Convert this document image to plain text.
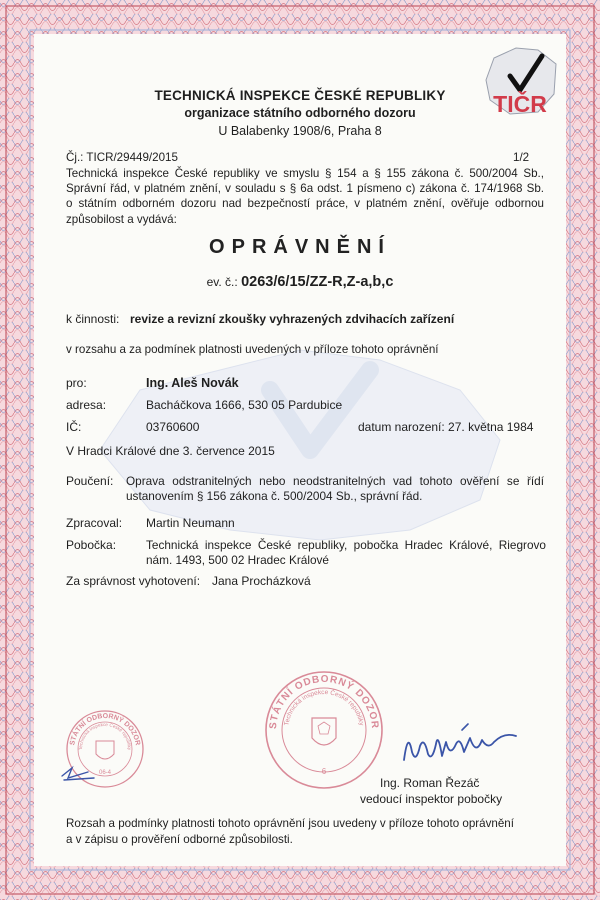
TIČR
TECHNICKÁ INSPEKCE ČESKÉ REPUBLIKY
organizace státního odborného dozoru
U Balabenky 1908/6, Praha 8
Čj.: TICR/29449/2015	1/2
Technická inspekce České republiky ve smyslu § 154 a § 155 zákona č. 500/2004 Sb.,
Správní řád, v platném znění, v souladu s § 6a odst. 1 písmeno c) zákona č. 174/1968 Sb.
o státním odborném dozoru nad bezpečností práce, v platném znění, ověřuje odbornou
způsobilost a vydává:
OPRÁVNĚNÍ
ev. č.: 0263/6/15/ZZ-R,Z-a,b,c
k činnosti: revize a revizní zkoušky vyhrazených zdvihacích zařízení
v rozsahu a za podmínek platnosti uvedených v příloze tohoto oprávnění
pro:	Ing. Aleš Novák
adresa:	Bacháčkova 1666, 530 05 Pardubice
IČ:	03760600	datum narození: 27. května 1984
V Hradci Králové dne 3. července 2015
Poučení: Oprava odstranitelných nebo neodstranitelných vad tohoto ověření se řídí
ustanovením § 156 zákona č. 500/2004 Sb., správní řád.
Zpracoval: Martin Neumann
Pobočka:	Technická inspekce České republiky, pobočka Hradec Králové, Riegrovo
nám. 1493, 500 02 Hradec Králové
Za správnost vyhotovení: Jana Procházková
STÁTNÍ ODBORNÝ DOZOR
Technická inspekce České republiky
6
STÁTNÍ ODBORNÝ DOZOR
Technická inspekce České republiky
06-4
Ing. Roman Řezáč
vedoucí inspektor pobočky
Rozsah a podmínky platnosti tohoto oprávnění jsou uvedeny v příloze tohoto oprávnění
a v zápisu o prověření odborné způsobilosti.
